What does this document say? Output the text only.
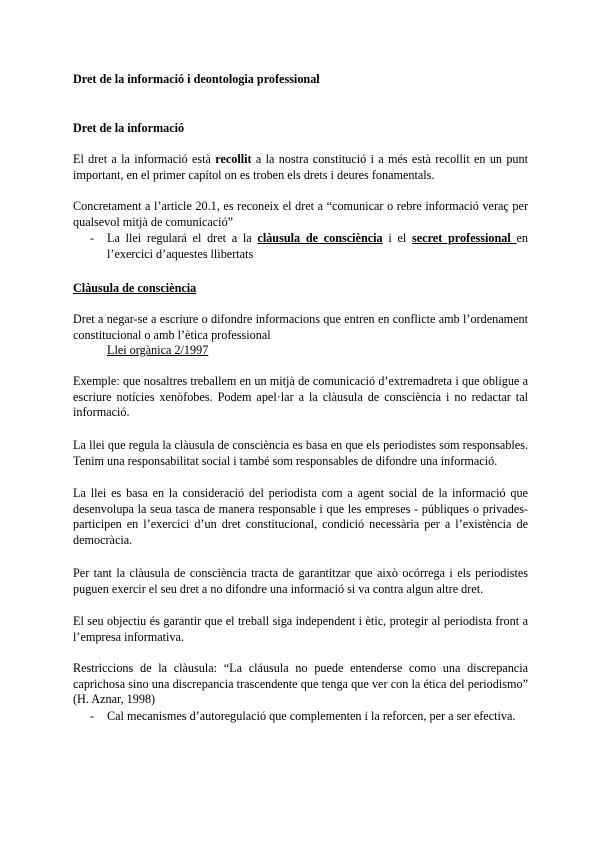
Dret de la informació i deontologia professional

Dret de la informació

El dret a la informació està recollit a la nostra constitució i a més està recollit en un punt important, en el primer capítol on es troben els drets i deures fonamentals.

Concretament a l’article 20.1, es reconeix el dret a “comunicar o rebre informació veraç per qualsevol mitjà de comunicació”

- La llei regulará el dret a la clàusula de consciència i el secret professional en l’exercici d’aquestes llibertats

Clàusula de consciència

Dret a negar-se a escriure o difondre informacions que entren en conflicte amb l’ordenament constitucional o amb l’ètica professional

Llei orgànica 2/1997

Exemple: que nosaltres treballem en un mitjà de comunicació d’extremadreta i que obligue a escriure notícies xenòfobes. Podem apel·lar a la clàusula de consciència i no redactar tal informació.

La llei que regula la clàusula de consciència es basa en que els periodistes som responsables. Tenim una responsabilitat social i també som responsables de difondre una informació.

La llei es basa en la consideració del periodista com a agent social de la informació que desenvolupa la seua tasca de manera responsable i que les empreses - públiques o privades- participen en l’exercici d’un dret constitucional, condició necessària per a l’existència de democràcia.

Per tant la clàusula de consciència tracta de garantitzar que això ocórrega i els periodistes puguen exercir el seu dret a no difondre una informació si va contra algun altre dret.

El seu objectiu és garantir que el treball siga independent i ètic, protegir al periodista front a l’empresa informativa.

Restriccions de la clàusula: “La cláusula no puede entenderse como una discrepancia caprichosa sino una discrepancia trascendente que tenga que ver con la ética del periodismo” (H. Aznar, 1998)

- Cal mecanismes d’autoregulació que complementen i la reforcen, per a ser efectiva.
